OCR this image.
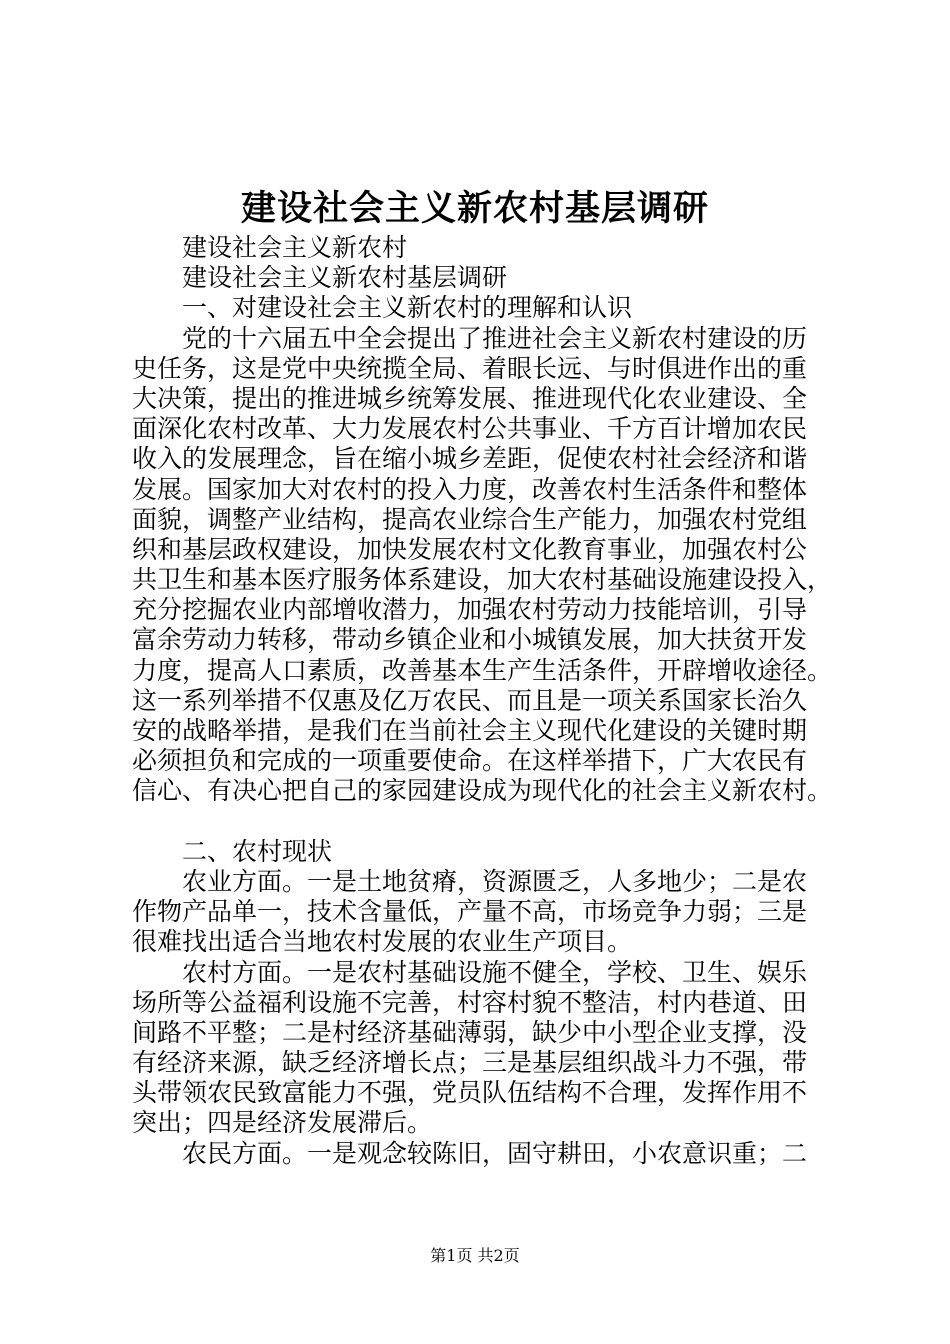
建设社会主义新农村基层调研
建设社会主义新农村
建设社会主义新农村基层调研
一、对建设社会主义新农村的理解和认识
党的十六届五中全会提出了推进社会主义新农村建设的历
史任务，这是党中央统揽全局、着眼长远、与时俱进作出的重
大决策，提出的推进城乡统筹发展、推进现代化农业建设、全
面深化农村改革、大力发展农村公共事业、千方百计增加农民
收入的发展理念，旨在缩小城乡差距，促使农村社会经济和谐
发展。国家加大对农村的投入力度，改善农村生活条件和整体
面貌，调整产业结构，提高农业综合生产能力，加强农村党组
织和基层政权建设，加快发展农村文化教育事业，加强农村公
共卫生和基本医疗服务体系建设，加大农村基础设施建设投入，
充分挖掘农业内部增收潜力，加强农村劳动力技能培训，引导
富余劳动力转移，带动乡镇企业和小城镇发展，加大扶贫开发
力度，提高人口素质，改善基本生产生活条件，开辟增收途径。
这一系列举措不仅惠及亿万农民、而且是一项关系国家长治久
安的战略举措，是我们在当前社会主义现代化建设的关键时期
必须担负和完成的一项重要使命。在这样举措下，广大农民有
信心、有决心把自己的家园建设成为现代化的社会主义新农村。
二、农村现状
农业方面。一是土地贫瘠，资源匮乏，人多地少；二是农
作物产品单一，技术含量低，产量不高，市场竞争力弱；三是
很难找出适合当地农村发展的农业生产项目。
农村方面。一是农村基础设施不健全，学校、卫生、娱乐
场所等公益福利设施不完善，村容村貌不整洁，村内巷道、田
间路不平整；二是村经济基础薄弱，缺少中小型企业支撑，没
有经济来源，缺乏经济增长点；三是基层组织战斗力不强，带
头带领农民致富能力不强，党员队伍结构不合理，发挥作用不
突出；四是经济发展滞后。
农民方面。一是观念较陈旧，固守耕田，小农意识重；二
第1页 共2页
